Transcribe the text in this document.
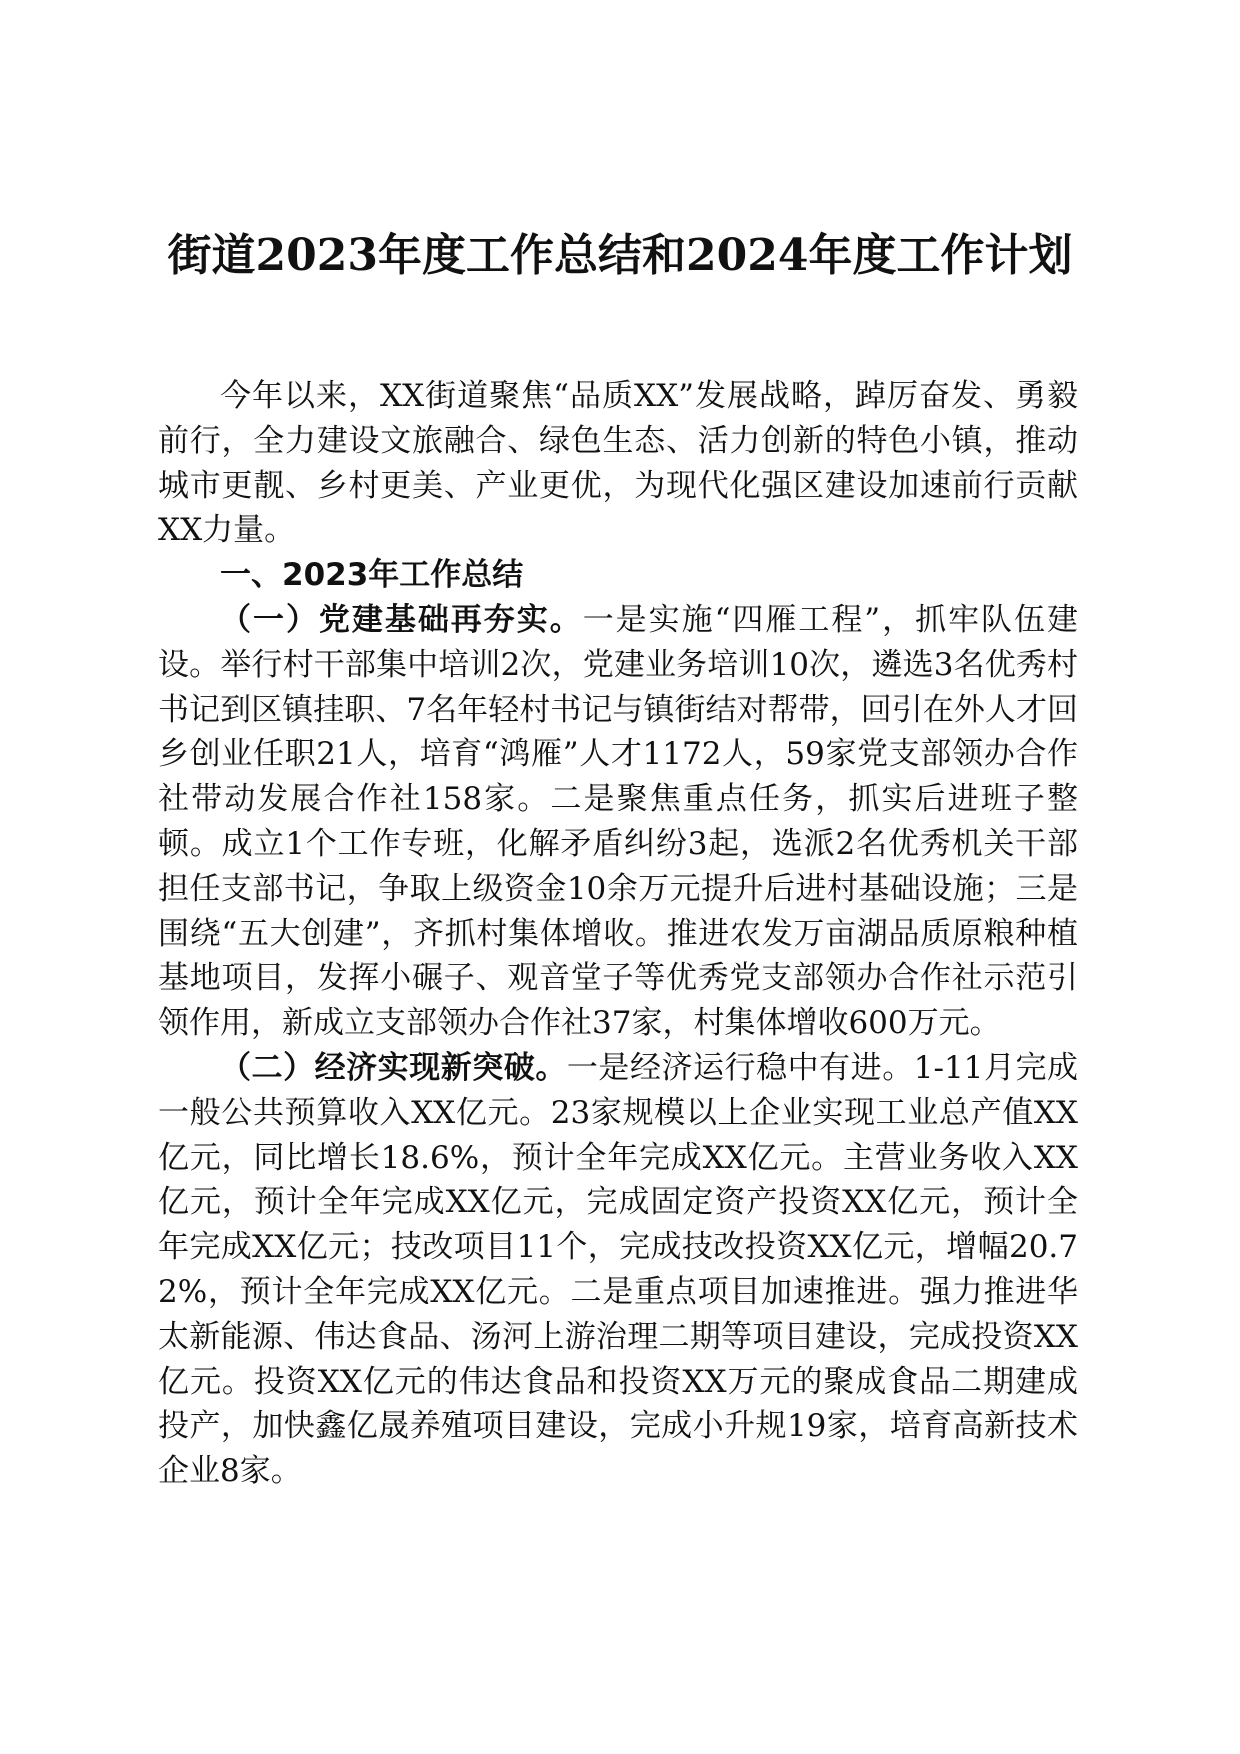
街道2023年度工作总结和2024年度工作计划

今年以来，XX街道聚焦“品质XX”发展战略，踔厉奋发、勇毅前行，全力建设文旅融合、绿色生态、活力创新的特色小镇，推动城市更靓、乡村更美、产业更优，为现代化强区建设加速前行贡献XX力量。

一、2023年工作总结

（一）党建基础再夯实。一是实施“四雁工程”，抓牢队伍建设。举行村干部集中培训2次，党建业务培训10次，遴选3名优秀村书记到区镇挂职、7名年轻村书记与镇街结对帮带，回引在外人才回乡创业任职21人，培育“鸿雁”人才1172人，59家党支部领办合作社带动发展合作社158家。二是聚焦重点任务，抓实后进班子整顿。成立1个工作专班，化解矛盾纠纷3起，选派2名优秀机关干部担任支部书记，争取上级资金10余万元提升后进村基础设施；三是围绕“五大创建”，齐抓村集体增收。推进农发万亩湖品质原粮种植基地项目，发挥小碾子、观音堂子等优秀党支部领办合作社示范引领作用，新成立支部领办合作社37家，村集体增收600万元。

（二）经济实现新突破。一是经济运行稳中有进。1-11月完成一般公共预算收入XX亿元。23家规模以上企业实现工业总产值XX亿元，同比增长18.6%，预计全年完成XX亿元。主营业务收入XX亿元，预计全年完成XX亿元，完成固定资产投资XX亿元，预计全年完成XX亿元；技改项目11个，完成技改投资XX亿元，增幅20.72%，预计全年完成XX亿元。二是重点项目加速推进。强力推进华太新能源、伟达食品、汤河上游治理二期等项目建设，完成投资XX亿元。投资XX亿元的伟达食品和投资XX万元的聚成食品二期建成投产，加快鑫亿晟养殖项目建设，完成小升规19家，培育高新技术企业8家。
